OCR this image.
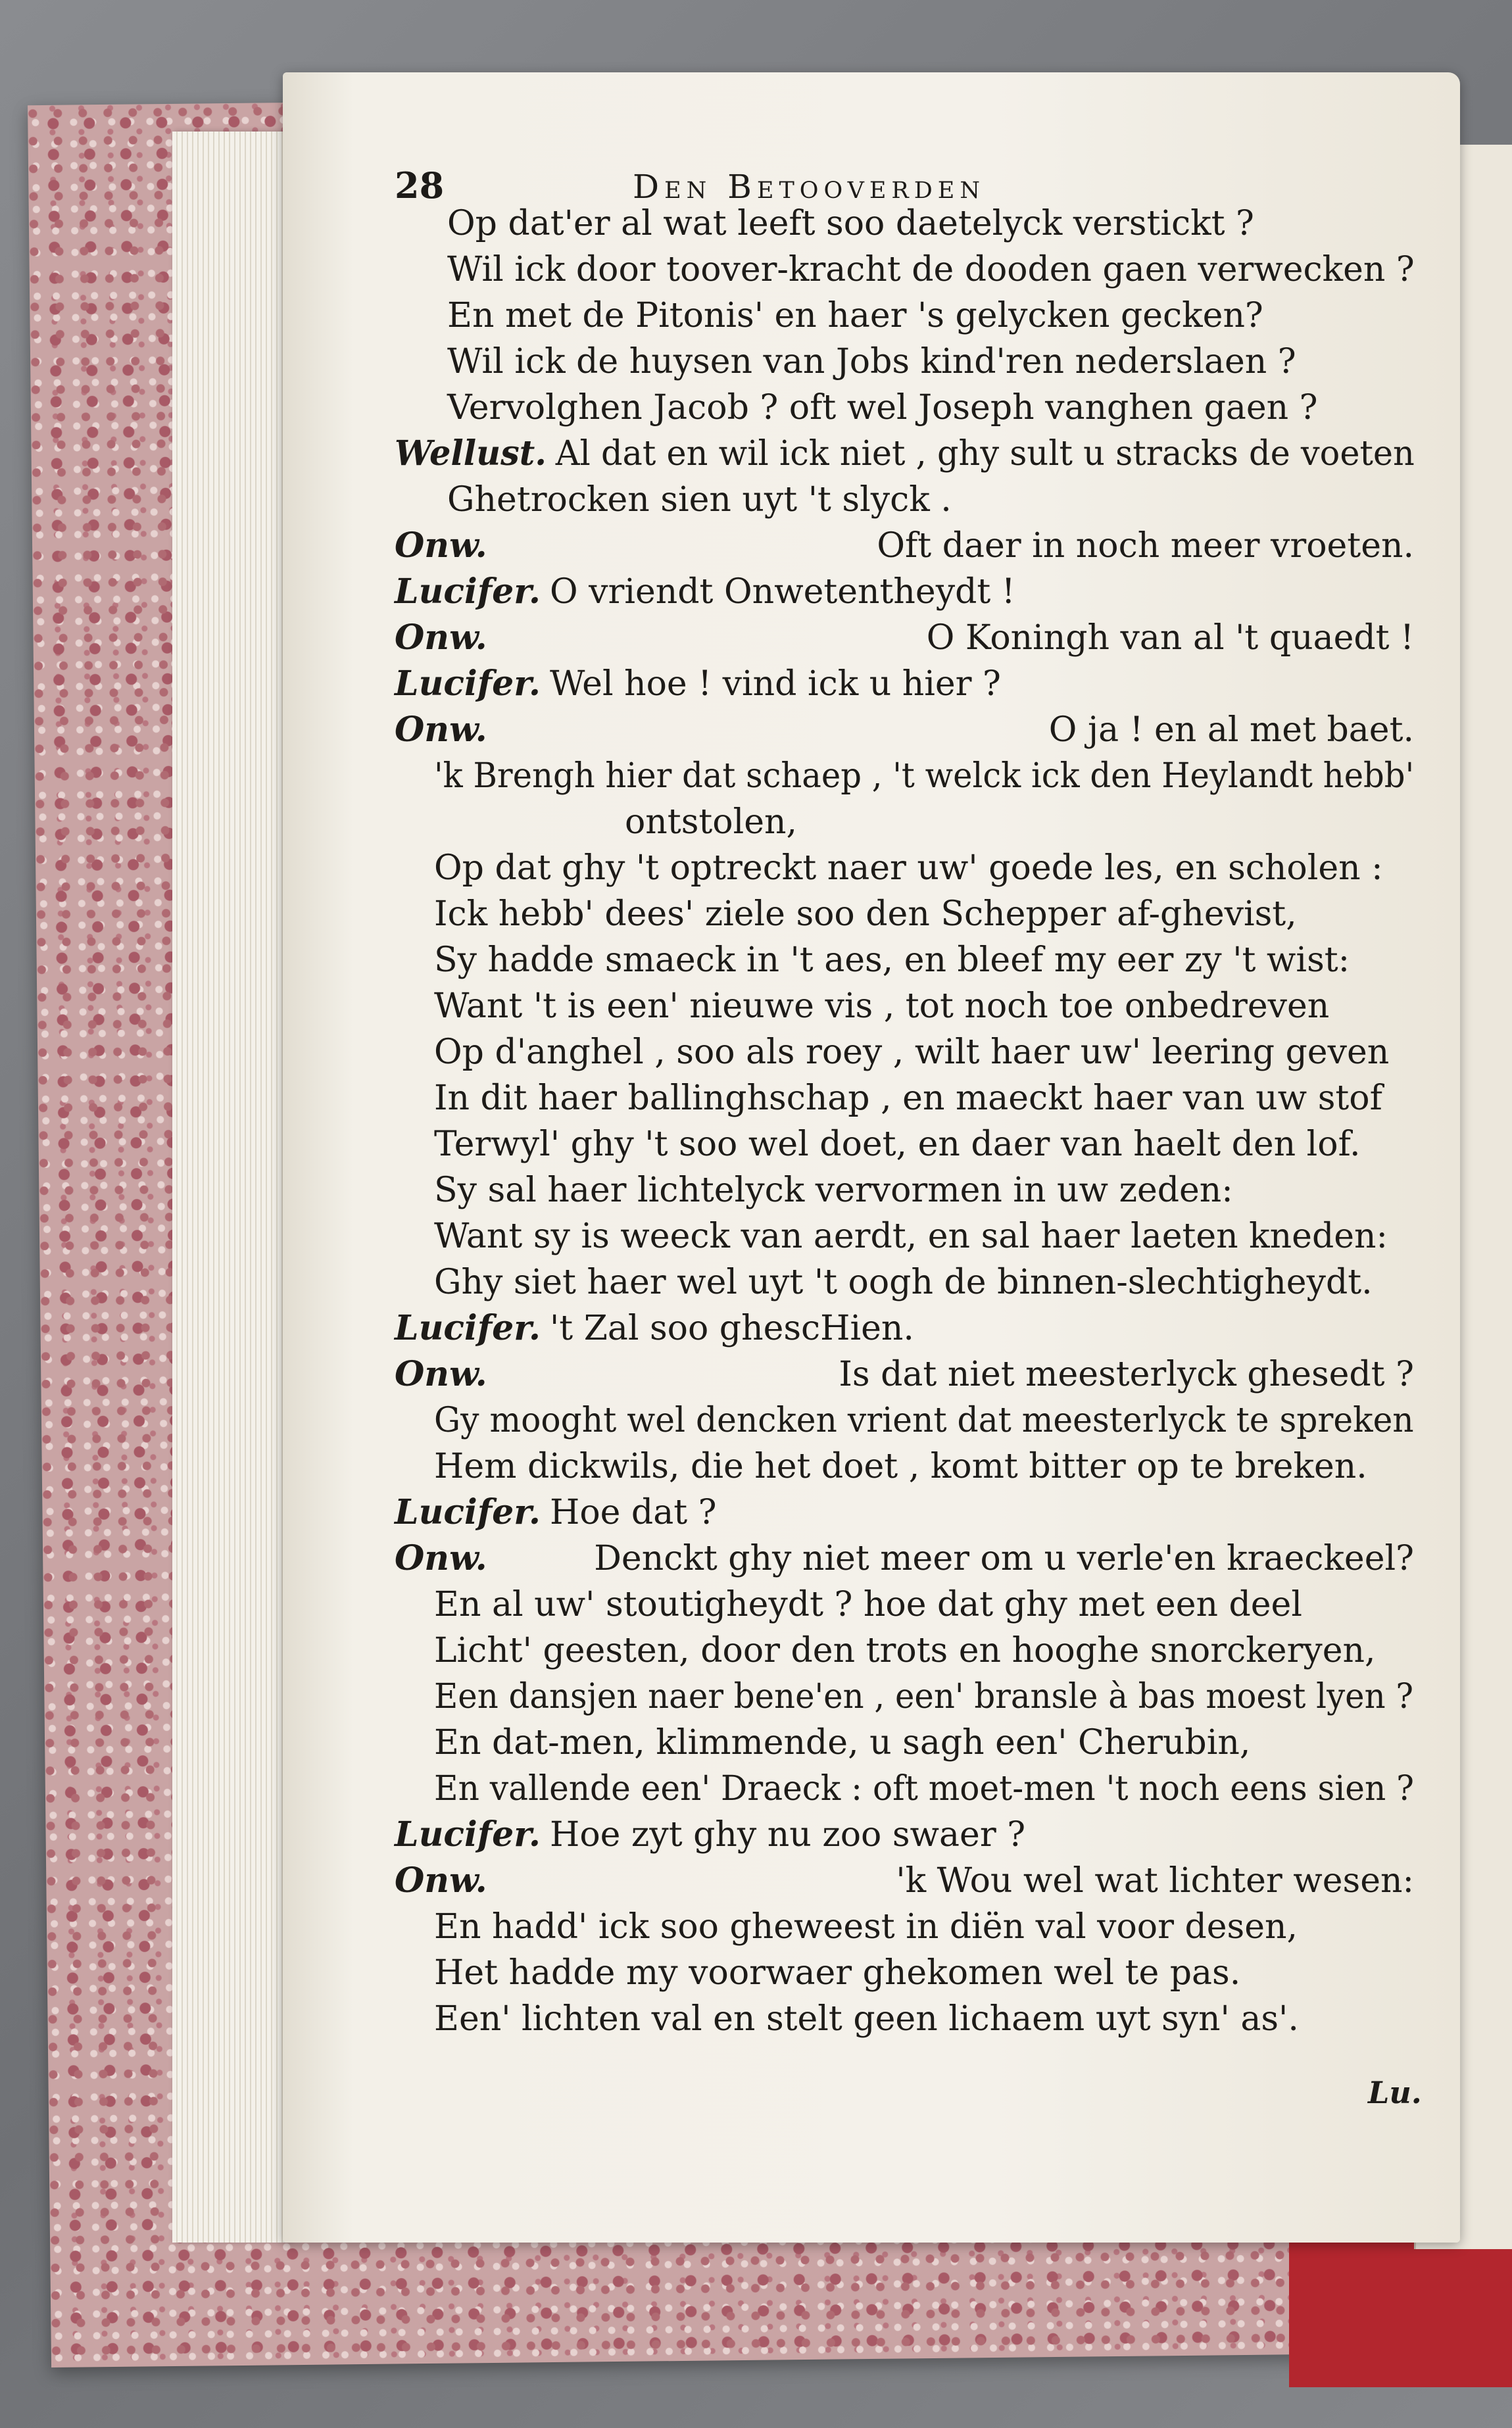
28	Den Betooverden
Op dat'er al wat leeft soo daetelyck verstickt ?
Wil ick door toover-kracht de dooden gaen verwecken ?
En met de Pitonis' en haer 's gelycken gecken?
Wil ick de huysen van Jobs kind'ren nederslaen ?
Vervolghen Jacob ? oft wel Joseph vanghen gaen ?
Wellust. Al dat en wil ick niet , ghy sult u stracks de voeten
Ghetrocken sien uyt 't slyck .
Onw.	Oft daer in noch meer vroeten.
Lucifer. O vriendt Onwetentheydt !
Onw.	O Koningh van al 't quaedt !
Lucifer. Wel hoe ! vind ick u hier ?
Onw.	O ja ! en al met baet.
'k Brengh hier dat schaep , 't welck ick den Heylandt hebb'
ontstolen,
Op dat ghy 't optreckt naer uw' goede les, en scholen :
Ick hebb' dees' ziele soo den Schepper af-ghevist,
Sy hadde smaeck in 't aes, en bleef my eer zy 't wist:
Want 't is een' nieuwe vis , tot noch toe onbedreven
Op d'anghel , soo als roey , wilt haer uw' leering geven
In dit haer ballinghschap , en maeckt haer van uw stof
Terwyl' ghy 't soo wel doet, en daer van haelt den lof.
Sy sal haer lichtelyck vervormen in uw zeden:
Want sy is weeck van aerdt, en sal haer laeten kneden:
Ghy siet haer wel uyt 't oogh de binnen-slechtigheydt.
Lucifer. 't Zal soo ghescHien.
Onw.	Is dat niet meesterlyck ghesedt ?
Gy mooght wel dencken vrient dat meesterlyck te spreken
Hem dickwils, die het doet , komt bitter op te breken.
Lucifer. Hoe dat ?
Onw.	Denckt ghy niet meer om u verle'en kraeckeel?
En al uw' stoutigheydt ? hoe dat ghy met een deel
Licht' geesten, door den trots en hooghe snorckeryen,
Een dansjen naer bene'en , een' bransle à bas moest lyen ?
En dat-men, klimmende, u sagh een' Cherubin,
En vallende een' Draeck : oft moet-men 't noch eens sien ?
Lucifer. Hoe zyt ghy nu zoo swaer ?
Onw.	'k Wou wel wat lichter wesen:
En hadd' ick soo gheweest in diën val voor desen,
Het hadde my voorwaer ghekomen wel te pas.
Een' lichten val en stelt geen lichaem uyt syn' as'.
Lu.
